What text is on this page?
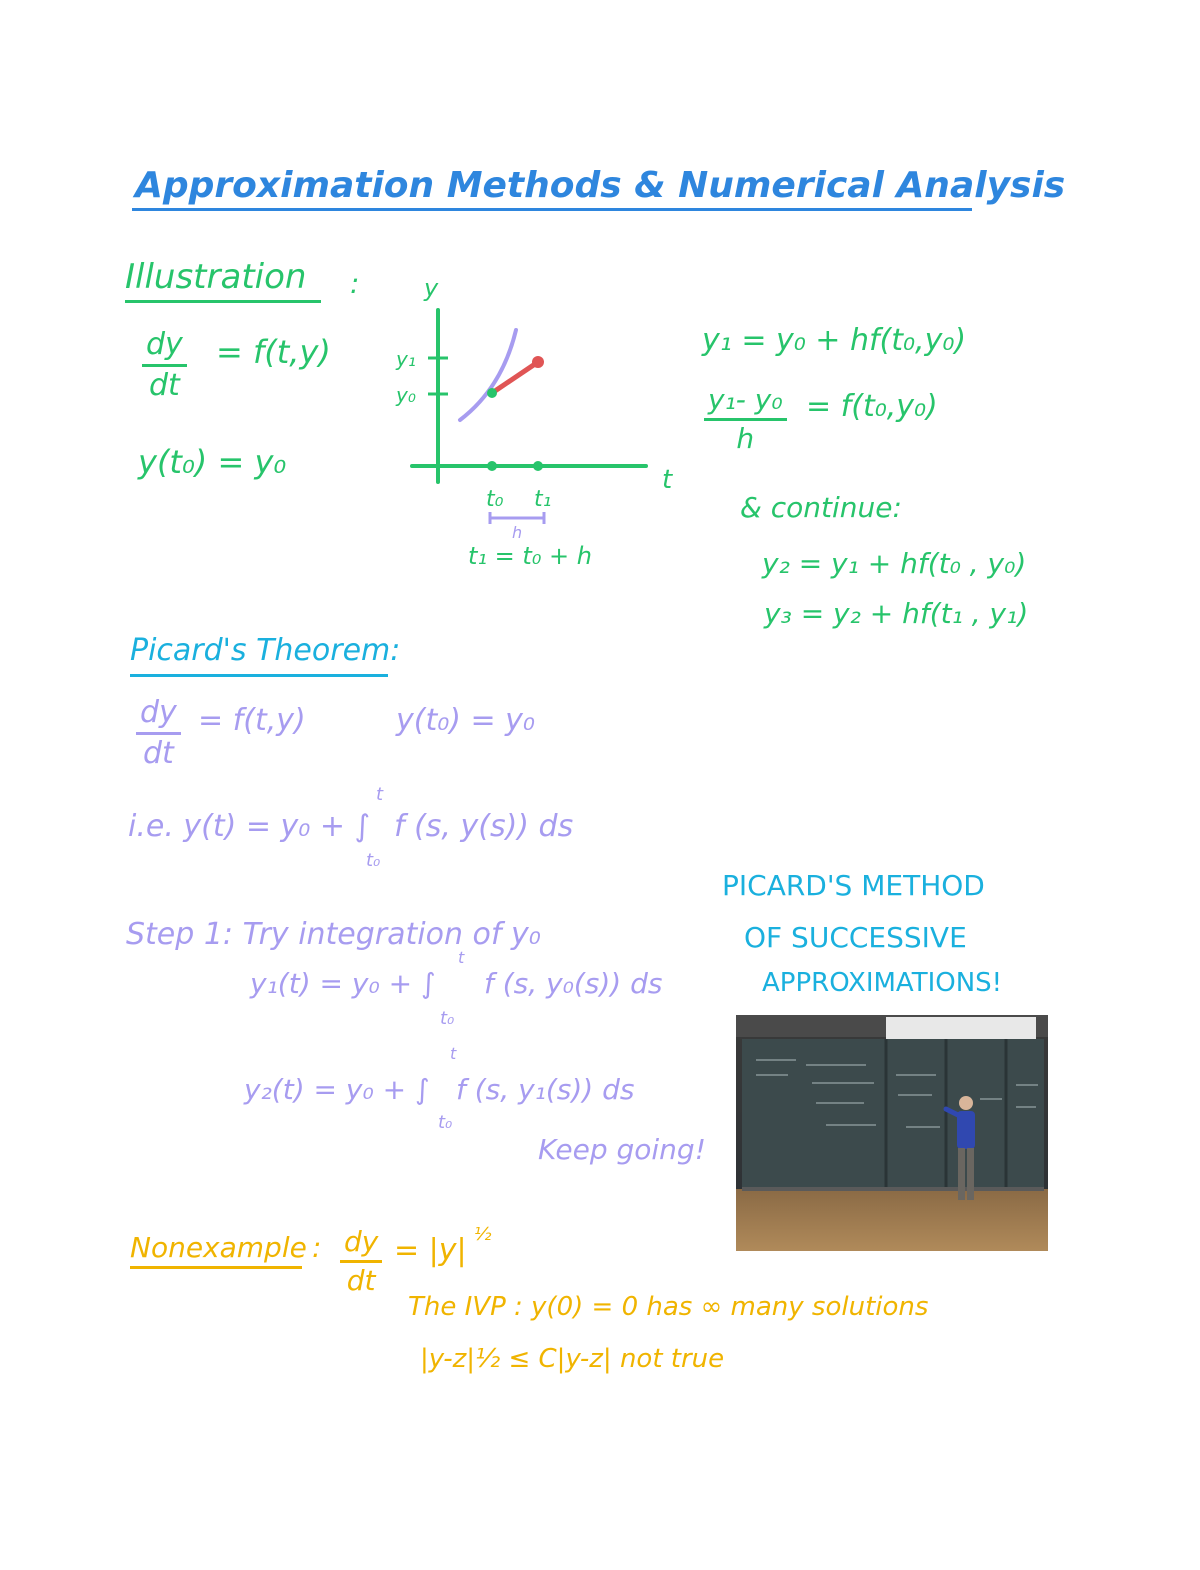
Approximation Methods & Numerical Analysis
Illustration :
$\frac{dy}{dt} = f(t,y)$
y(t₀) = y₀
y
t
y₁
y₀
t₀ t₁
h
t₁ = t₀ + h
y₁ = y₀ + hf(t₀,y₀)
$\frac{\text{y₁- y₀}}{h} = f(t_0,y_0)$
& continue:
y₂ = y₁ + hf(t₀ , y₀)
y₃ = y₂ + hf(t₁ , y₁)
Picard's Theorem:
$\frac{dy}{dt} = f(t,y)$	y(t₀) = y₀
i.e. y(t) = y₀ + ∫
t
t₀
f (s, y(s)) ds
Step 1: Try integration of y₀
y₁(t) = y₀ + ∫
t
t₀
f (s, y₀(s)) ds
y₂(t) = y₀ + ∫
t
t₀
f (s, y₁(s)) ds
Keep going!
PICARD'S METHOD
OF SUCCESSIVE
APPROXIMATIONS!
Nonexample : $\frac{dy}{dt} = |y|$ ½
The IVP : y(0) = 0 has ∞ many solutions
|y-z|½ ≤ C|y-z| not true
